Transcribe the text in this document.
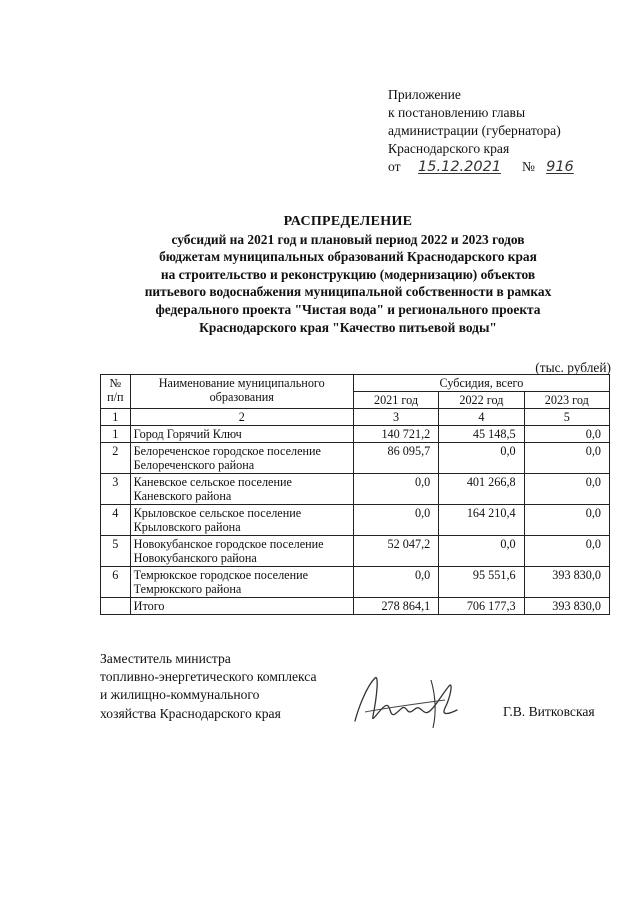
Приложение
к постановлению главы
администрации (губернатора)
Краснодарского края
от 15.12.2021 № 916
РАСПРЕДЕЛЕНИЕ
субсидий на 2021 год и плановый период 2022 и 2023 годов
бюджетам муниципальных образований Краснодарского края
на строительство и реконструкцию (модернизацию) объектов
питьевого водоснабжения муниципальной собственности в рамках
федерального проекта "Чистая вода" и регионального проекта
Краснодарского края "Качество питьевой воды"
(тыс. рублей)
№ п/п	Наименование муниципального образования	Субсидия, всего		
		2021 год	2022 год	2023 год
1	2	3	4	5
1	Город Горячий Ключ	140 721,2	45 148,5	0,0
2	Белореченское городское поселение Белореченского района	86 095,7	0,0	0,0
3	Каневское сельское поселение Каневского района	0,0	401 266,8	0,0
4	Крыловское сельское поселение Крыловского района	0,0	164 210,4	0,0
5	Новокубанское городское поселение Новокубанского района	52 047,2	0,0	0,0
6	Темрюкское городское поселение Темрюкского района	0,0	95 551,6	393 830,0
	Итого	278 864,1	706 177,3	393 830,0
Заместитель министра
топливно-энергетического комплекса
и жилищно-коммунального
хозяйства Краснодарского края	Г.В. Витковская
